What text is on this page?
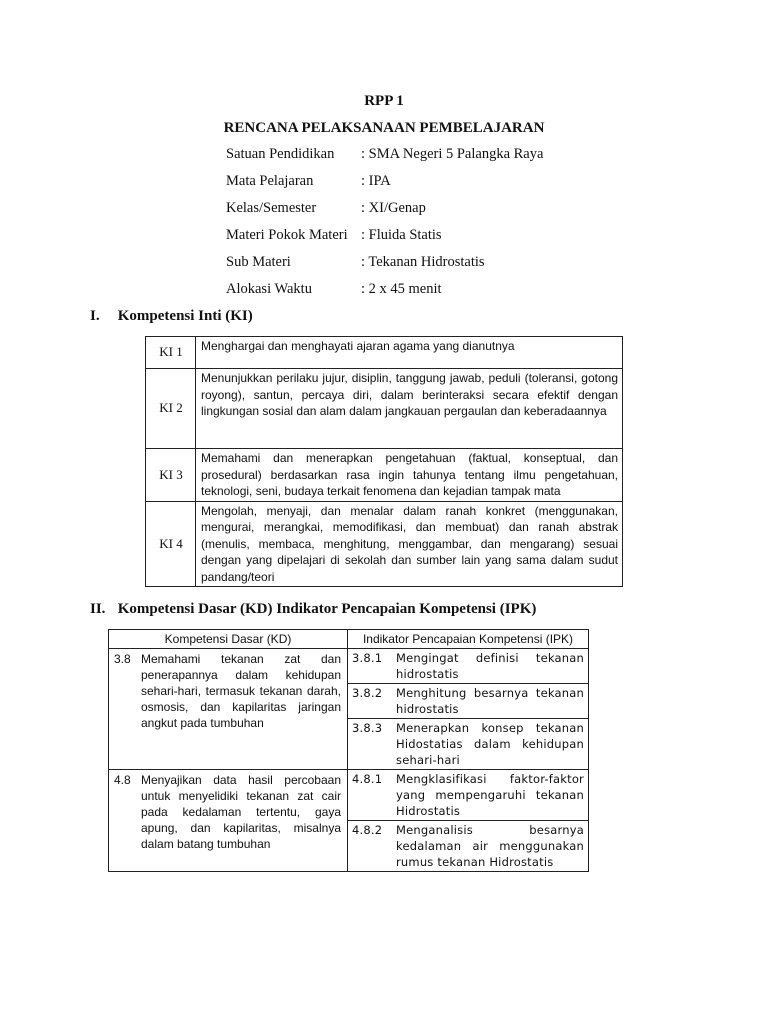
RPP 1
RENCANA PELAKSANAAN PEMBELAJARAN
Satuan Pendidikan : SMA Negeri 5 Palangka Raya
Mata Pelajaran	: IPA
Kelas/Semester	: XI/Genap
Materi Pokok Materi : Fluida Statis
Sub Materi	: Tekanan Hidrostatis
Alokasi Waktu	: 2 x 45 menit
I. Kompetensi Inti (KI)
KI 1	Menghargai dan menghayati ajaran agama yang dianutnya
KI 2	Menunjukkan perilaku jujur, disiplin, tanggung jawab, peduli (toleransi, gotong royong), santun, percaya diri, dalam berinteraksi secara efektif dengan lingkungan sosial dan alam dalam jangkauan pergaulan dan keberadaannya
KI 3	Memahami dan menerapkan pengetahuan (faktual, konseptual, dan prosedural) berdasarkan rasa ingin tahunya tentang ilmu pengetahuan, teknologi, seni, budaya terkait fenomena dan kejadian tampak mata
KI 4	Mengolah, menyaji, dan menalar dalam ranah konkret (menggunakan, mengurai, merangkai, memodifikasi, dan membuat) dan ranah abstrak (menulis, membaca, menghitung, menggambar, dan mengarang) sesuai dengan yang dipelajari di sekolah dan sumber lain yang sama dalam sudut pandang/teori
II. Kompetensi Dasar (KD) Indikator Pencapaian Kompetensi (IPK)
Kompetensi Dasar (KD)	Indikator Pencapaian Kompetensi (IPK)

3.8 Memahami tekanan zat dan penerapannya dalam kehidupan sehari-hari, termasuk tekanan darah, osmosis, dan kapilaritas jaringan angkut pada tumbuhan	3.8.1 Mengingat definisi tekanan hidrostatis

	3.8.2 Menghitung besarnya tekanan hidrostatis

	3.8.3 Menerapkan konsep tekanan Hidostatias dalam kehidupan sehari-hari

4.8 Menyajikan data hasil percobaan untuk menyelidiki tekanan zat cair pada kedalaman tertentu, gaya apung, dan kapilaritas, misalnya dalam batang tumbuhan	4.8.1 Mengklasifikasi faktor-faktor yang mempengaruhi tekanan Hidrostatis

	4.8.2 Menganalisis besarnya kedalaman air menggunakan rumus tekanan Hidrostatis
